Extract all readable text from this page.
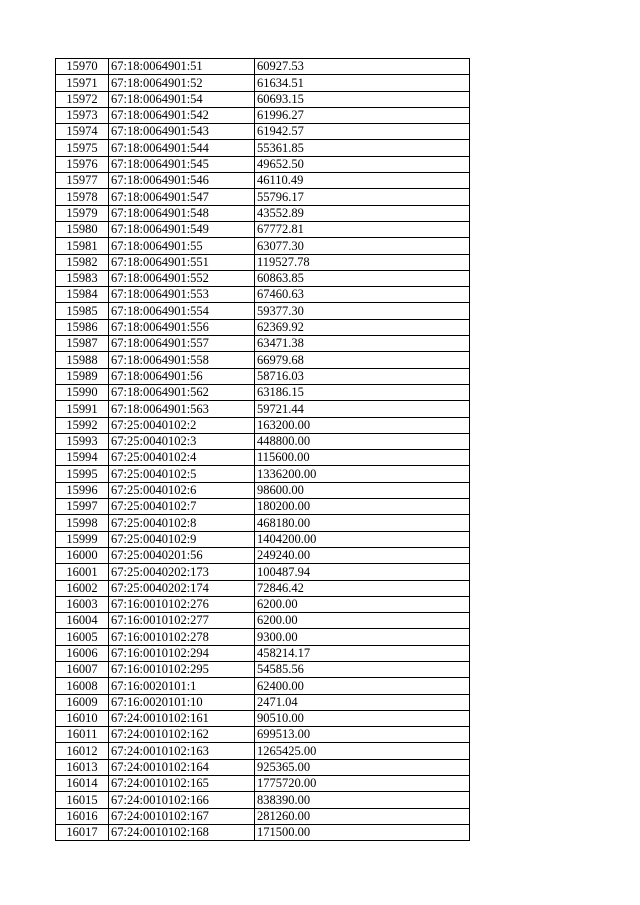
15970	67:18:0064901:51	60927.53
15971	67:18:0064901:52	61634.51
15972	67:18:0064901:54	60693.15
15973	67:18:0064901:542	61996.27
15974	67:18:0064901:543	61942.57
15975	67:18:0064901:544	55361.85
15976	67:18:0064901:545	49652.50
15977	67:18:0064901:546	46110.49
15978	67:18:0064901:547	55796.17
15979	67:18:0064901:548	43552.89
15980	67:18:0064901:549	67772.81
15981	67:18:0064901:55	63077.30
15982	67:18:0064901:551	119527.78
15983	67:18:0064901:552	60863.85
15984	67:18:0064901:553	67460.63
15985	67:18:0064901:554	59377.30
15986	67:18:0064901:556	62369.92
15987	67:18:0064901:557	63471.38
15988	67:18:0064901:558	66979.68
15989	67:18:0064901:56	58716.03
15990	67:18:0064901:562	63186.15
15991	67:18:0064901:563	59721.44
15992	67:25:0040102:2	163200.00
15993	67:25:0040102:3	448800.00
15994	67:25:0040102:4	115600.00
15995	67:25:0040102:5	1336200.00
15996	67:25:0040102:6	98600.00
15997	67:25:0040102:7	180200.00
15998	67:25:0040102:8	468180.00
15999	67:25:0040102:9	1404200.00
16000	67:25:0040201:56	249240.00
16001	67:25:0040202:173	100487.94
16002	67:25:0040202:174	72846.42
16003	67:16:0010102:276	6200.00
16004	67:16:0010102:277	6200.00
16005	67:16:0010102:278	9300.00
16006	67:16:0010102:294	458214.17
16007	67:16:0010102:295	54585.56
16008	67:16:0020101:1	62400.00
16009	67:16:0020101:10	2471.04
16010	67:24:0010102:161	90510.00
16011	67:24:0010102:162	699513.00
16012	67:24:0010102:163	1265425.00
16013	67:24:0010102:164	925365.00
16014	67:24:0010102:165	1775720.00
16015	67:24:0010102:166	838390.00
16016	67:24:0010102:167	281260.00
16017	67:24:0010102:168	171500.00
